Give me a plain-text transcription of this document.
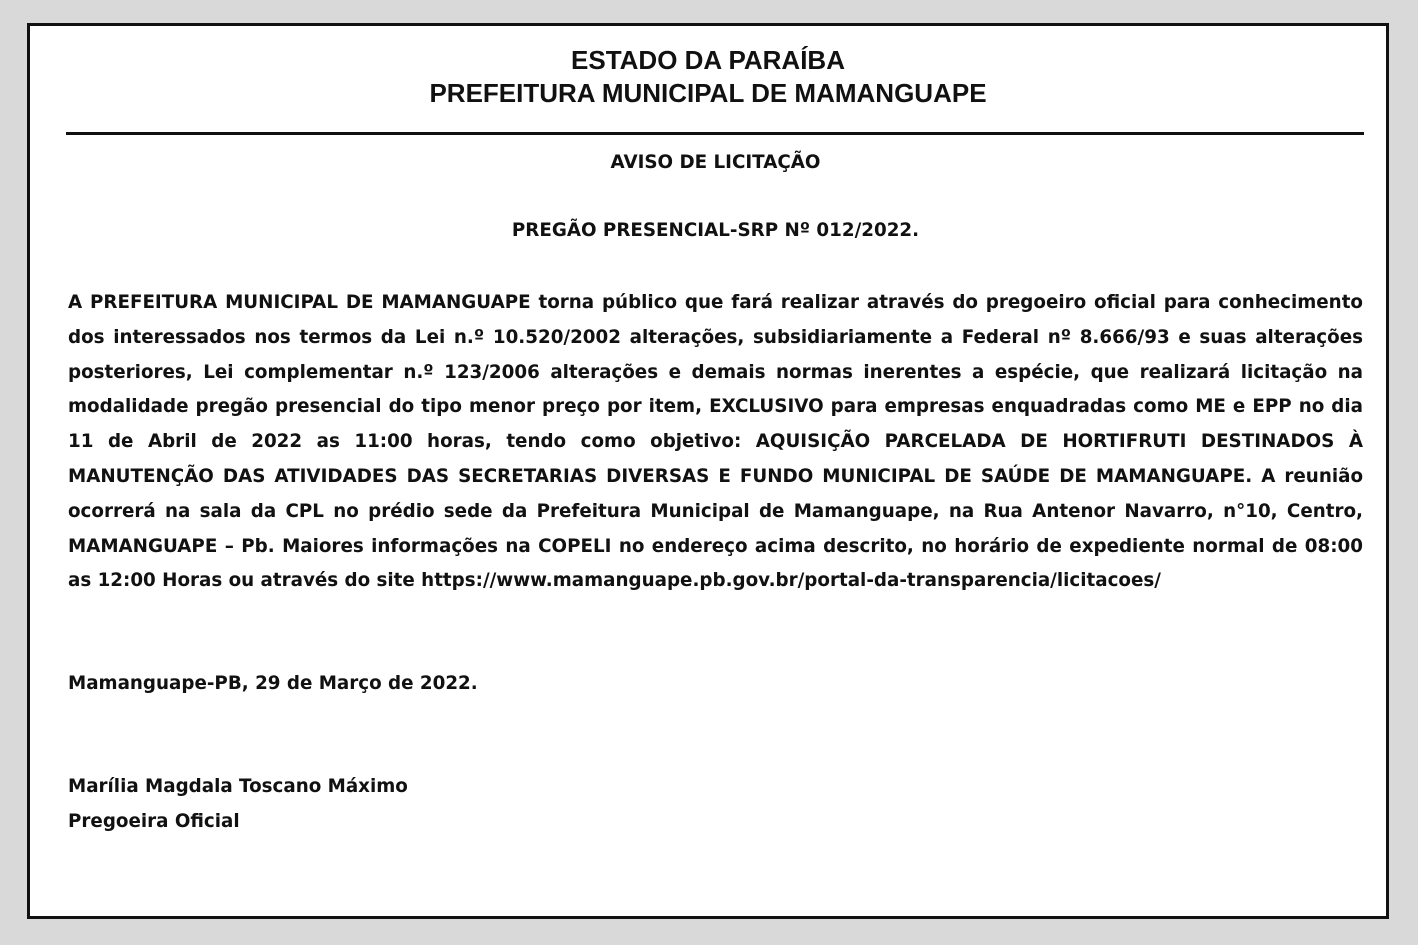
ESTADO DA PARAÍBA
PREFEITURA MUNICIPAL DE MAMANGUAPE
AVISO DE LICITAÇÃO
PREGÃO PRESENCIAL-SRP Nº 012/2022.
A PREFEITURA MUNICIPAL DE MAMANGUAPE torna público que fará realizar através do pregoeiro oficial para conhecimento dos interessados nos termos da Lei n.º 10.520/2002 alterações, subsidiariamente a Federal nº 8.666/93 e suas alterações posteriores, Lei complementar n.º 123/2006 alterações e demais normas inerentes a espécie, que realizará licitação na modalidade pregão presencial do tipo menor preço por item, EXCLUSIVO para empresas enquadradas como ME e EPP no dia 11 de Abril de 2022 as 11:00 horas, tendo como objetivo: AQUISIÇÃO PARCELADA DE HORTIFRUTI DESTINADOS À MANUTENÇÃO DAS ATIVIDADES DAS SECRETARIAS DIVERSAS E FUNDO MUNICIPAL DE SAÚDE DE MAMANGUAPE. A reunião ocorrerá na sala da CPL no prédio sede da Prefeitura Municipal de Mamanguape, na Rua Antenor Navarro, n°10, Centro, MAMANGUAPE – Pb. Maiores informações na COPELI no endereço acima descrito, no horário de expediente normal de 08:00 as 12:00 Horas ou através do site https://www.mamanguape.pb.gov.br/portal-da-transparencia/licitacoes/
Mamanguape-PB, 29 de Março de 2022.
Marília Magdala Toscano Máximo
Pregoeira Oficial
